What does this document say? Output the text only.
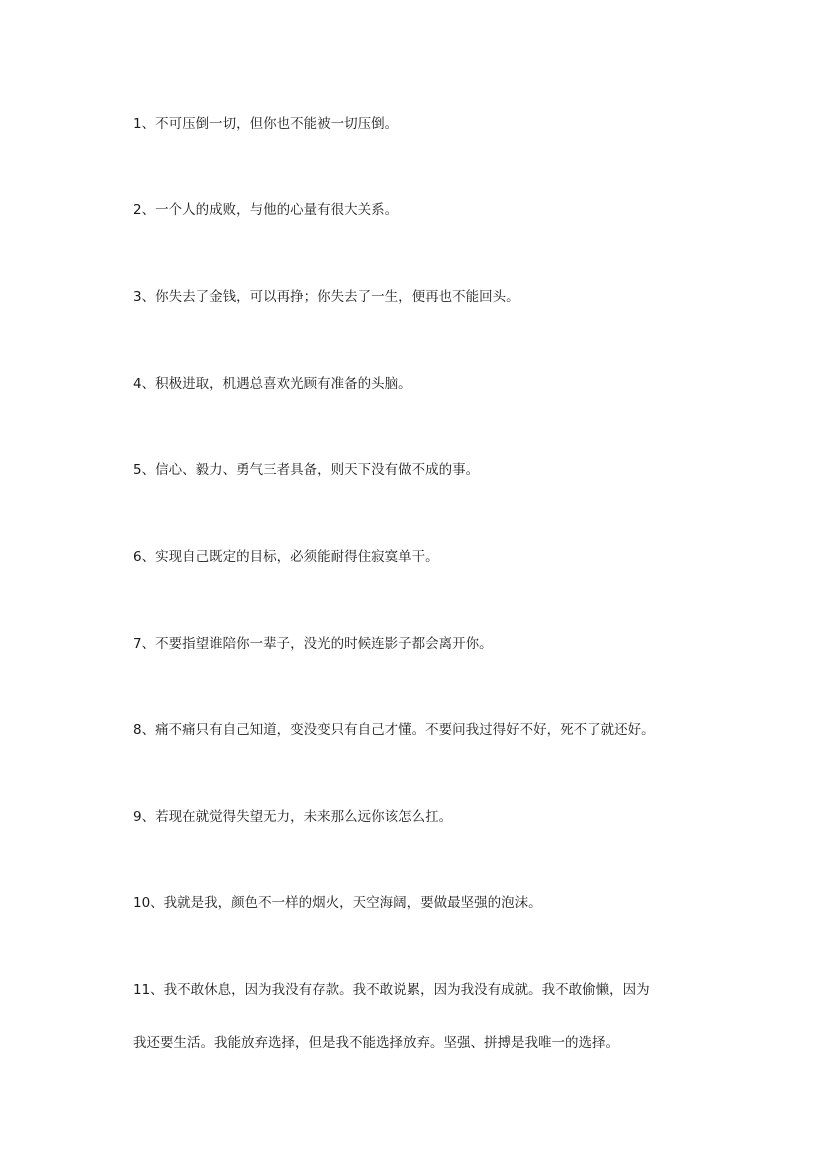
1、不可压倒一切，但你也不能被一切压倒。
2、一个人的成败，与他的心量有很大关系。
3、你失去了金钱，可以再挣；你失去了一生，便再也不能回头。
4、积极进取，机遇总喜欢光顾有准备的头脑。
5、信心、毅力、勇气三者具备，则天下没有做不成的事。
6、实现自己既定的目标，必须能耐得住寂寞单干。
7、不要指望谁陪你一辈子，没光的时候连影子都会离开你。
8、痛不痛只有自己知道，变没变只有自己才懂。不要问我过得好不好，死不了就还好。
9、若现在就觉得失望无力，未来那么远你该怎么扛。
10、我就是我，颜色不一样的烟火，天空海阔，要做最坚强的泡沫。
11、我不敢休息，因为我没有存款。我不敢说累，因为我没有成就。我不敢偷懒，因为
我还要生活。我能放弃选择，但是我不能选择放弃。坚强、拼搏是我唯一的选择。
